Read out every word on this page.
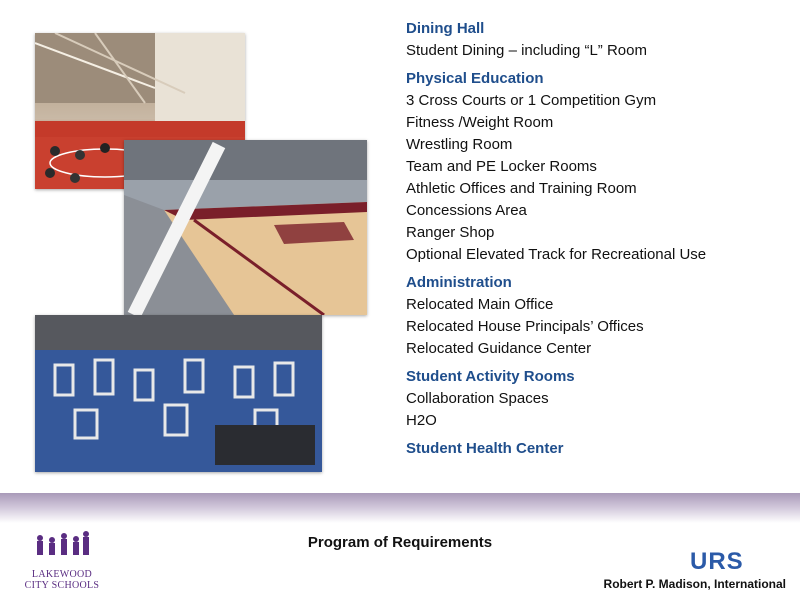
Dining Hall
Student Dining – including “L” Room
Physical Education
3 Cross Courts or 1 Competition Gym
Fitness /Weight Room
Wrestling Room
Team and PE Locker Rooms
Athletic Offices and Training Room
Concessions Area
Ranger Shop
Optional Elevated Track for Recreational Use
Administration
Relocated Main Office
Relocated House Principals’ Offices
Relocated Guidance Center
Student Activity Rooms
Collaboration Spaces
H2O
Student Health Center
Program of Requirements
LAKEWOOD
CITY SCHOOLS
URS
Robert P. Madison, International
